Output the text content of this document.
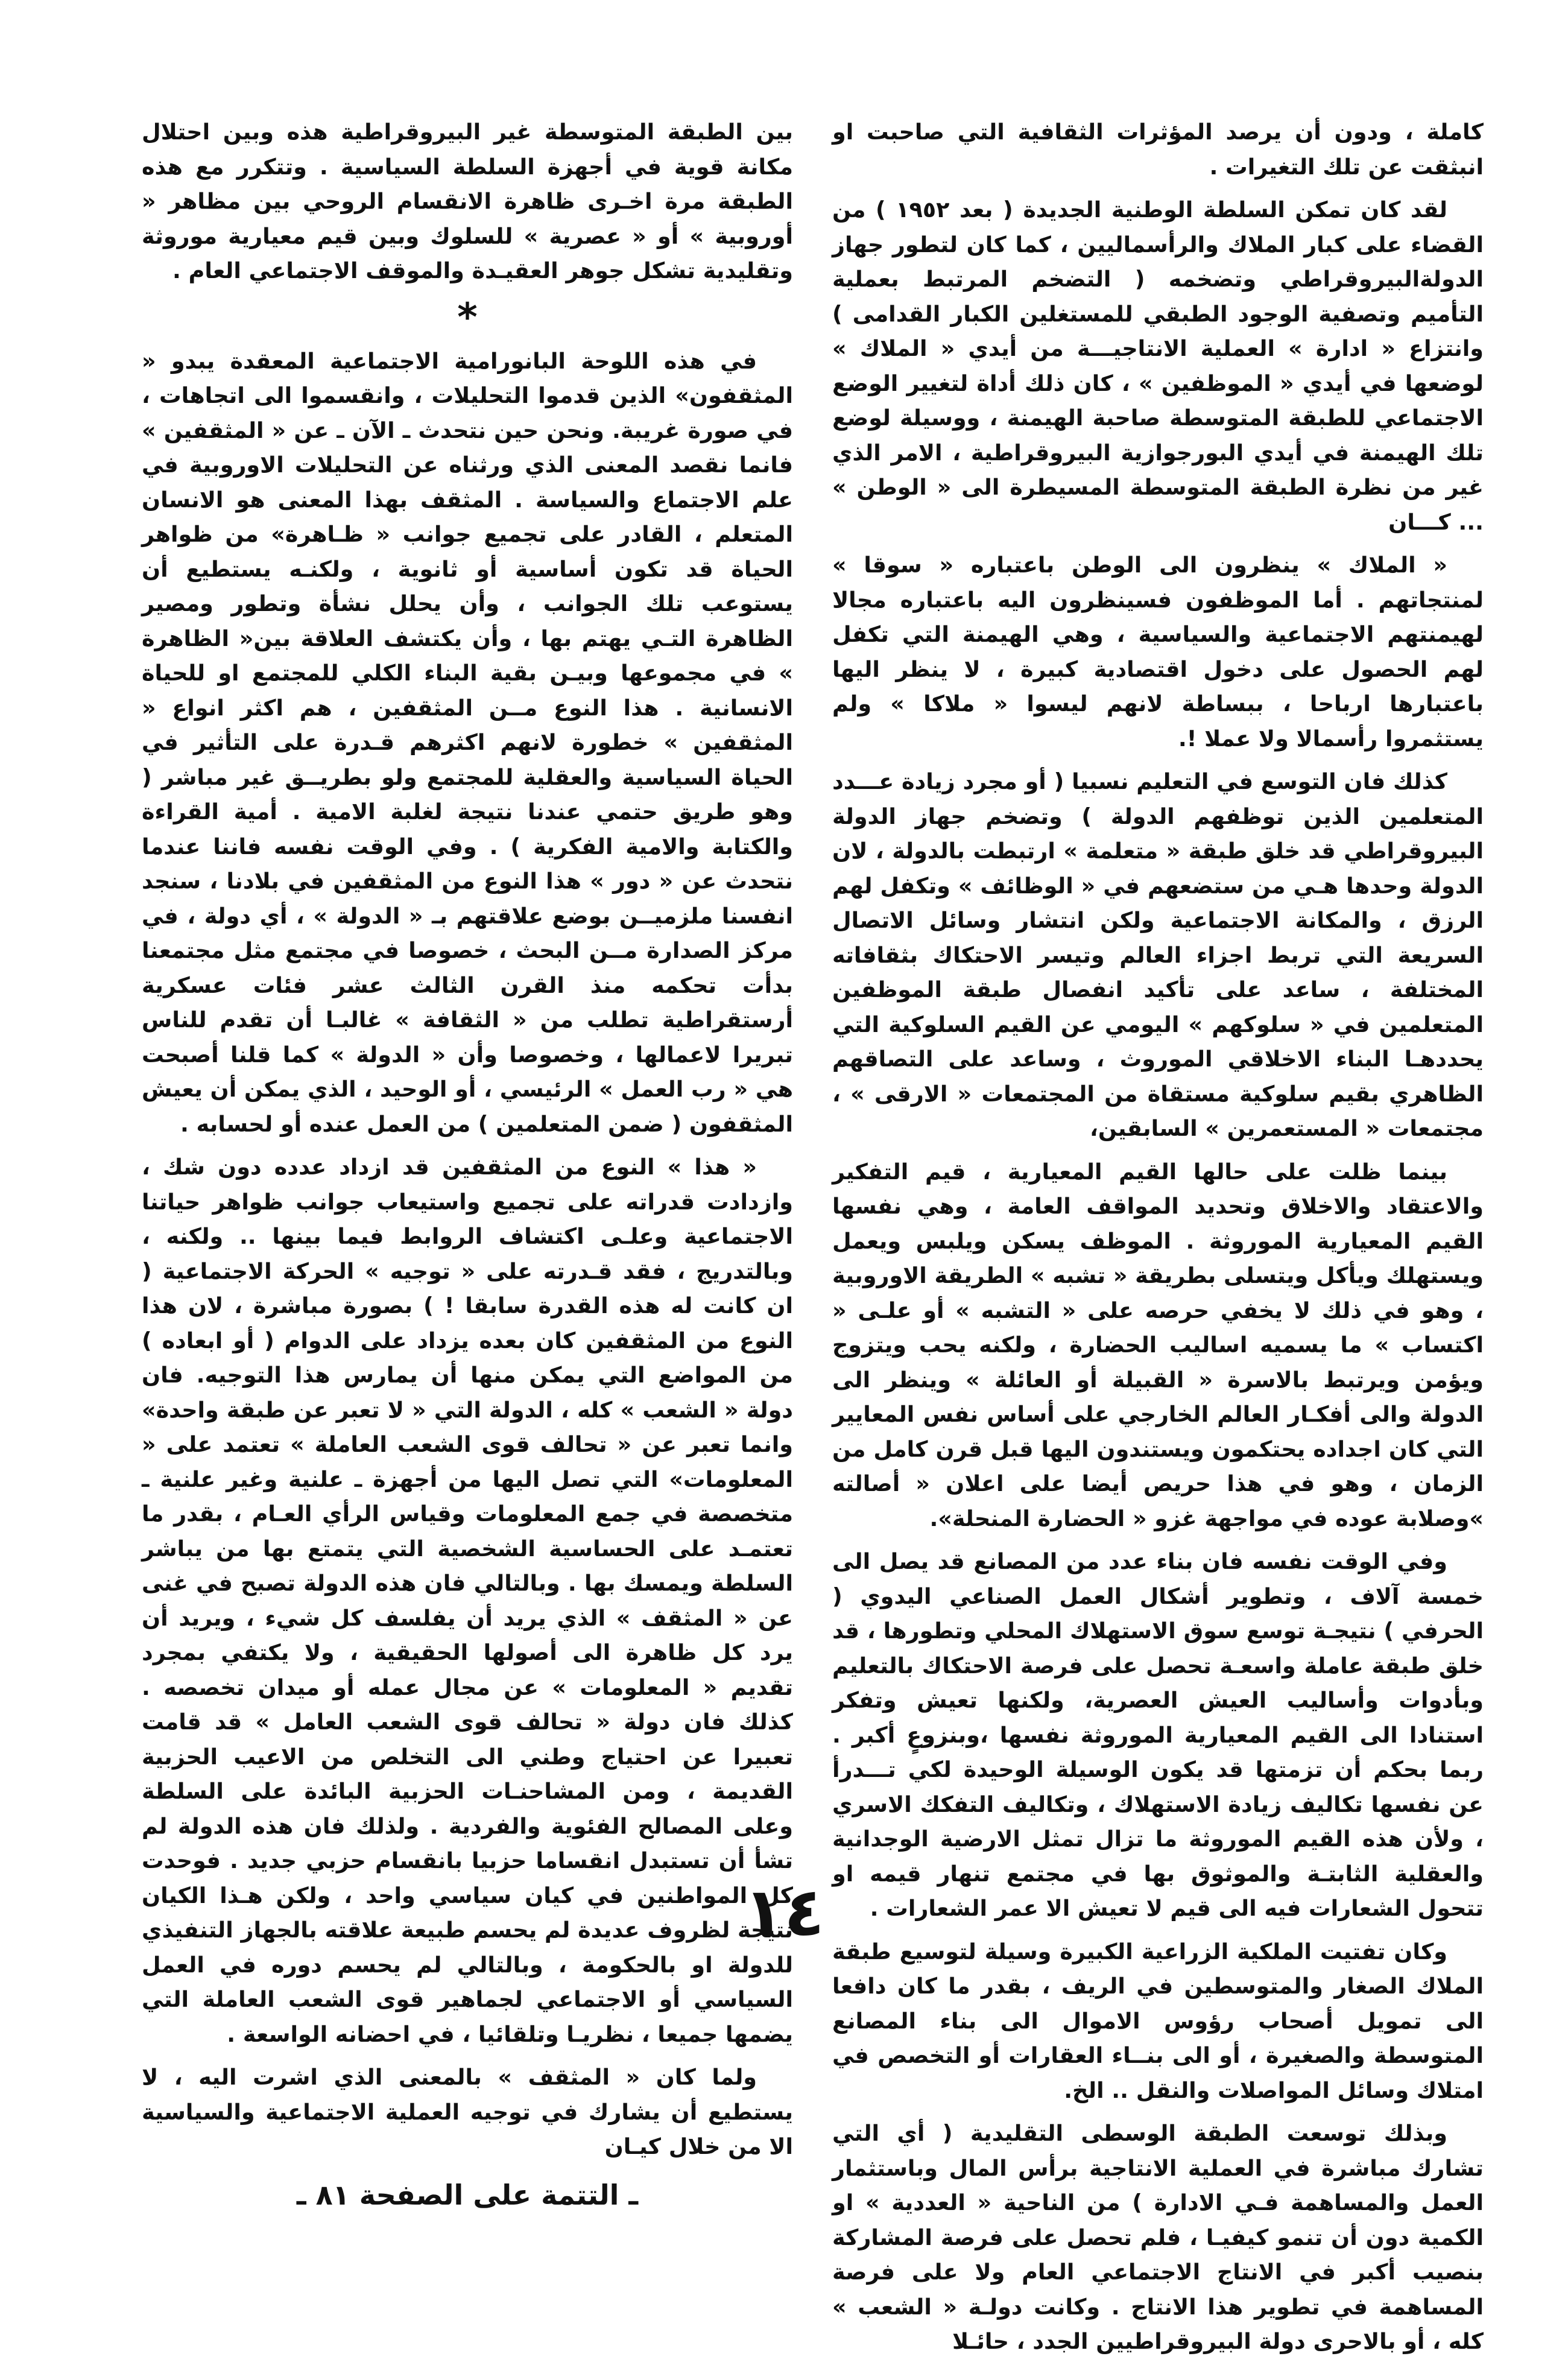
كاملة ، ودون أن يرصد المؤثرات الثقافية التي صاحبت او انبثقت عن تلك التغيرات .

لقد كان تمكن السلطة الوطنية الجديدة ( بعد ١٩٥٢ ) من القضاء على كبار الملاك والرأسماليين ، كما كان لتطور جهاز الدولةالبيروقراطي وتضخمه ( التضخم المرتبط بعملية التأميم وتصفية الوجود الطبقي للمستغلين الكبار القدامى ) وانتزاع « ادارة » العملية الانتاجيـــة من أيدي « الملاك » لوضعها في أيدي « الموظفين » ، كان ذلك أداة لتغيير الوضع الاجتماعي للطبقة المتوسطة صاحبة الهيمنة ، ووسيلة لوضع تلك الهيمنة في أيدي البورجوازية البيروقراطية ، الامر الذي غير من نظرة الطبقة المتوسطة المسيطرة الى « الوطن » ... كـــان

« الملاك » ينظرون الى الوطن باعتباره « سوقا » لمنتجاتهم . أما الموظفون فسينظرون اليه باعتباره مجالا لهيمنتهم الاجتماعية والسياسية ، وهي الهيمنة التي تكفل لهم الحصول على دخول اقتصادية كبيرة ، لا ينظر اليها باعتبارها ارباحا ، ببساطة لانهم ليسوا « ملاكا » ولم يستثمروا رأسمالا ولا عملا !.

كذلك فان التوسع في التعليم نسبيا ( أو مجرد زيادة عـــدد المتعلمين الذين توظفهم الدولة ) وتضخم جهاز الدولة البيروقراطي قد خلق طبقة « متعلمة » ارتبطت بالدولة ، لان الدولة وحدها هـي من ستضعهم في « الوظائف » وتكفل لهم الرزق ، والمكانة الاجتماعية ولكن انتشار وسائل الاتصال السريعة التي تربط اجزاء العالم وتيسر الاحتكاك بثقافاته المختلفة ، ساعد على تأكيد انفصال طبقة الموظفين المتعلمين في « سلوكهم » اليومي عن القيم السلوكية التي يحددهـا البناء الاخلاقي الموروث ، وساعد على التصاقهم الظاهري بقيم سلوكية مستقاة من المجتمعات « الارقى » ، مجتمعات « المستعمرين » السابقين،

بينما ظلت على حالها القيم المعيارية ، قيم التفكير والاعتقاد والاخلاق وتحديد المواقف العامة ، وهي نفسها القيم المعيارية الموروثة . الموظف يسكن ويلبس ويعمل ويستهلك ويأكل ويتسلى بطريقة « تشبه » الطريقة الاوروبية ، وهو في ذلك لا يخفي حرصه على « التشبه » أو علـى « اكتساب » ما يسميه اساليب الحضارة ، ولكنه يحب ويتزوج ويؤمن ويرتبط بالاسرة « القبيلة أو العائلة » وينظر الى الدولة والى أفكـار العالم الخارجي على أساس نفس المعايير التي كان اجداده يحتكمون ويستندون اليها قبل قرن كامل من الزمان ، وهو في هذا حريص أيضا على اعلان « أصالته »وصلابة عوده في مواجهة غزو « الحضارة المنحلة».

وفي الوقت نفسه فان بناء عدد من المصانع قد يصل الى خمسة آلاف ، وتطوير أشكال العمل الصناعي اليدوي ( الحرفي ) نتيجـة توسع سوق الاستهلاك المحلي وتطورها ، قد خلق طبقة عاملة واسعـة تحصل على فرصة الاحتكاك بالتعليم وبأدوات وأساليب العيش العصرية، ولكنها تعيش وتفكر استنادا الى القيم المعيارية الموروثة نفسها ،وبنزوعٍ أكبر . ربما بحكم أن تزمتها قد يكون الوسيلة الوحيدة لكي تـــدرأ عن نفسها تكاليف زيادة الاستهلاك ، وتكاليف التفكك الاسري ، ولأن هذه القيم الموروثة ما تزال تمثل الارضية الوجدانية والعقلية الثابتـة والموثوق بها في مجتمع تنهار قيمه او تتحول الشعارات فيه الى قيم لا تعيش الا عمر الشعارات .

وكان تفتيت الملكية الزراعية الكبيرة وسيلة لتوسيع طبقة الملاك الصغار والمتوسطين في الريف ، بقدر ما كان دافعا الى تمويل أصحاب رؤوس الاموال الى بناء المصانع المتوسطة والصغيرة ، أو الى بنــاء العقارات أو التخصص في امتلاك وسائل المواصلات والنقل .. الخ.

وبذلك توسعت الطبقة الوسطى التقليدية ( أي التي تشارك مباشرة في العملية الانتاجية برأس المال وباستثمار العمل والمساهمة فـي الادارة ) من الناحية « العددية » او الكمية دون أن تنمو كيفيـا ، فلم تحصل على فرصة المشاركة بنصيب أكبر في الانتاج الاجتماعي العام ولا على فرصة المساهمة في تطوير هذا الانتاج . وكانت دولـة « الشعب » كله ، أو بالاحرى دولة البيروقراطيين الجدد ، حائـلا

بين الطبقة المتوسطة غير البيروقراطية هذه وبين احتلال مكانة قوية في أجهزة السلطة السياسية . وتتكرر مع هذه الطبقة مرة اخـرى ظاهرة الانقسام الروحي بين مظاهر « أوروبية » أو « عصرية » للسلوك وبين قيم معيارية موروثة وتقليدية تشكل جوهر العقيـدة والموقف الاجتماعي العام .

*

في هذه اللوحة البانورامية الاجتماعية المعقدة يبدو « المثقفون» الذين قدموا التحليلات ، وانقسموا الى اتجاهات ، في صورة غريبة. ونحن حين نتحدث ـ الآن ـ عن « المثقفين » فانما نقصد المعنى الذي ورثناه عن التحليلات الاوروبية في علم الاجتماع والسياسة . المثقف بهذا المعنى هو الانسان المتعلم ، القادر على تجميع جوانب « ظـاهرة» من ظواهر الحياة قد تكون أساسية أو ثانوية ، ولكنـه يستطيع أن يستوعب تلك الجوانب ، وأن يحلل نشأة وتطور ومصير الظاهرة التـي يهتم بها ، وأن يكتشف العلاقة بين« الظاهرة » في مجموعها وبيـن بقية البناء الكلي للمجتمع او للحياة الانسانية . هذا النوع مــن المثقفين ، هم اكثر انواع « المثقفين » خطورة لانهم اكثرهم قـدرة على التأثير في الحياة السياسية والعقلية للمجتمع ولو بطريــق غير مباشر ( وهو طريق حتمي عندنا نتيجة لغلبة الامية . أمية القراءة والكتابة والامية الفكرية ) . وفي الوقت نفسه فاننا عندما نتحدث عن « دور » هذا النوع من المثقفين في بلادنا ، سنجد انفسنا ملزميــن بوضع علاقتهم بـ « الدولة » ، أي دولة ، في مركز الصدارة مــن البحث ، خصوصا في مجتمع مثل مجتمعنا بدأت تحكمه منذ القرن الثالث عشر فئات عسكرية أرستقراطية تطلب من « الثقافة » غالبـا أن تقدم للناس تبريرا لاعمالها ، وخصوصا وأن « الدولة » كما قلنا أصبحت هي « رب العمل » الرئيسي ، أو الوحيد ، الذي يمكن أن يعيش المثقفون ( ضمن المتعلمين ) من العمل عنده أو لحسابه .

« هذا » النوع من المثقفين قد ازداد عدده دون شك ، وازدادت قدراته على تجميع واستيعاب جوانب ظواهر حياتنا الاجتماعية وعلـى اكتشاف الروابط فيما بينها .. ولكنه ، وبالتدريج ، فقد قـدرته على « توجيه » الحركة الاجتماعية ( ان كانت له هذه القدرة سابقا ! ) بصورة مباشرة ، لان هذا النوع من المثقفين كان بعده يزداد على الدوام ( أو ابعاده ) من المواضع التي يمكن منها أن يمارس هذا التوجيه. فان دولة « الشعب » كله ، الدولة التي « لا تعبر عن طبقة واحدة» وانما تعبر عن « تحالف قوى الشعب العاملة » تعتمد على « المعلومات» التي تصل اليها من أجهزة ـ علنية وغير علنية ـ متخصصة في جمع المعلومات وقياس الرأي العـام ، بقدر ما تعتمـد على الحساسية الشخصية التي يتمتع بها من يباشر السلطة ويمسك بها . وبالتالي فان هذه الدولة تصبح في غنى عن « المثقف » الذي يريد أن يفلسف كل شيء ، ويريد أن يرد كل ظاهرة الى أصولها الحقيقية ، ولا يكتفي بمجرد تقديم « المعلومات » عن مجال عمله أو ميدان تخصصه . كذلك فان دولة « تحالف قوى الشعب العامل » قد قامت تعبيرا عن احتياج وطني الى التخلص من الاعيب الحزبية القديمة ، ومن المشاحنـات الحزبية البائدة على السلطة وعلى المصالح الفئوية والفردية . ولذلك فان هذه الدولة لم تشأ أن تستبدل انقساما حزبيا بانقسام حزبي جديد . فوحدت كل المواطنين في كيان سياسي واحد ، ولكن هـذا الكيان نتيجة لظروف عديدة لم يحسم طبيعة علاقته بالجهاز التنفيذي للدولة او بالحكومة ، وبالتالي لم يحسم دوره في العمل السياسي أو الاجتماعي لجماهير قوى الشعب العاملة التي يضمها جميعا ، نظريـا وتلقائيا ، في احضانه الواسعة .

ولما كان « المثقف » بالمعنى الذي اشرت اليه ، لا يستطيع أن يشارك في توجيه العملية الاجتماعية والسياسية الا من خلال كيـان

ـ التتمة على الصفحة ٨١ ـ
١٤
